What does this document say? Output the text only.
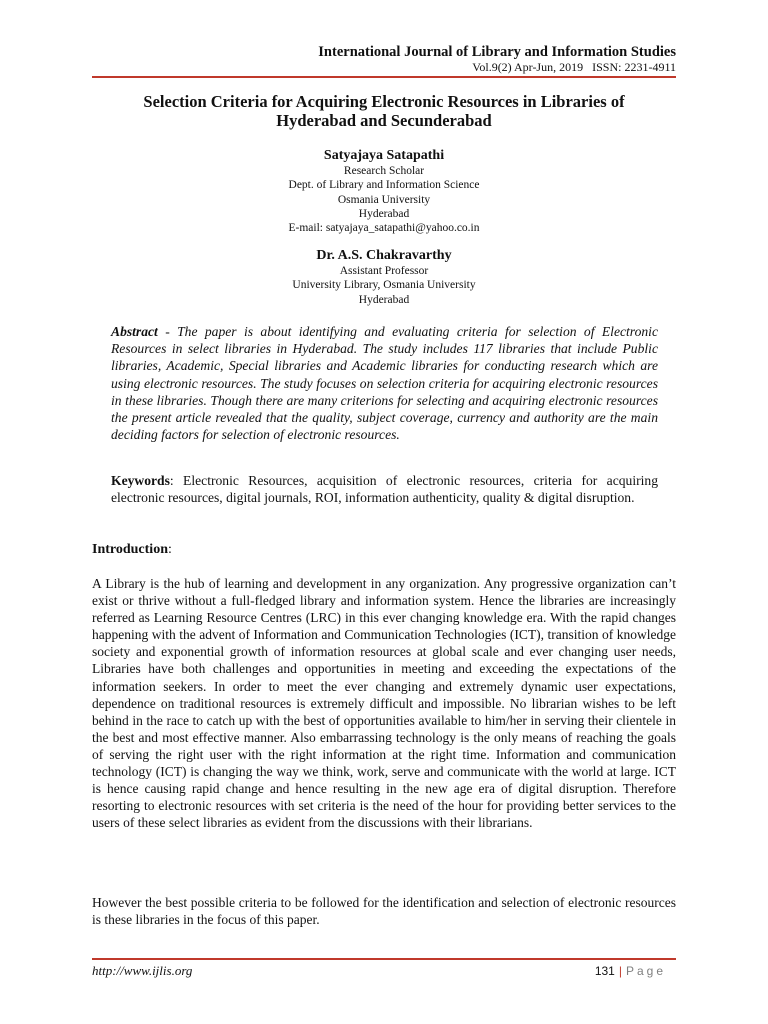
International Journal of Library and Information Studies
Vol.9(2) Apr-Jun, 2019   ISSN: 2231-4911
Selection Criteria for Acquiring Electronic Resources in Libraries of
Hyderabad and Secunderabad
Satyajaya Satapathi
Research Scholar
Dept. of Library and Information Science
Osmania University
Hyderabad
E-mail: satyajaya_satapathi@yahoo.co.in
Dr. A.S. Chakravarthy
Assistant Professor
University Library, Osmania University
Hyderabad
Abstract - The paper is about identifying and evaluating criteria for selection of Electronic Resources in select libraries in Hyderabad. The study includes 117 libraries that include Public libraries, Academic, Special libraries and Academic libraries for conducting research which are using electronic resources. The study focuses on selection criteria for acquiring electronic resources in these libraries. Though there are many criterions for selecting and acquiring electronic resources the present article revealed that the quality, subject coverage, currency and authority are the main deciding factors for selection of electronic resources.
Keywords: Electronic Resources, acquisition of electronic resources, criteria for acquiring electronic resources, digital journals, ROI, information authenticity, quality & digital disruption.
Introduction:
A Library is the hub of learning and development in any organization. Any progressive organization can’t exist or thrive without a full-fledged library and information system. Hence the libraries are increasingly referred as Learning Resource Centres (LRC) in this ever changing knowledge era. With the rapid changes happening with the advent of Information and Communication Technologies (ICT), transition of knowledge society and exponential growth of information resources at global scale and ever changing user needs, Libraries have both challenges and opportunities in meeting and exceeding the expectations of the information seekers. In order to meet the ever changing and extremely dynamic user expectations, dependence on traditional resources is extremely difficult and impossible. No librarian wishes to be left behind in the race to catch up with the best of opportunities available to him/her in serving their clientele in the best and most effective manner. Also embarrassing technology is the only means of reaching the goals of serving the right user with the right information at the right time. Information and communication technology (ICT) is changing the way we think, work, serve and communicate with the world at large. ICT is hence causing rapid change and hence resulting in the new age era of digital disruption. Therefore resorting to electronic resources with set criteria is the need of the hour for providing better services to the users of these select libraries as evident from the discussions with their librarians.
However the best possible criteria to be followed for the identification and selection of electronic resources is these libraries in the focus of this paper.
http://www.ijlis.org	131 | Page
